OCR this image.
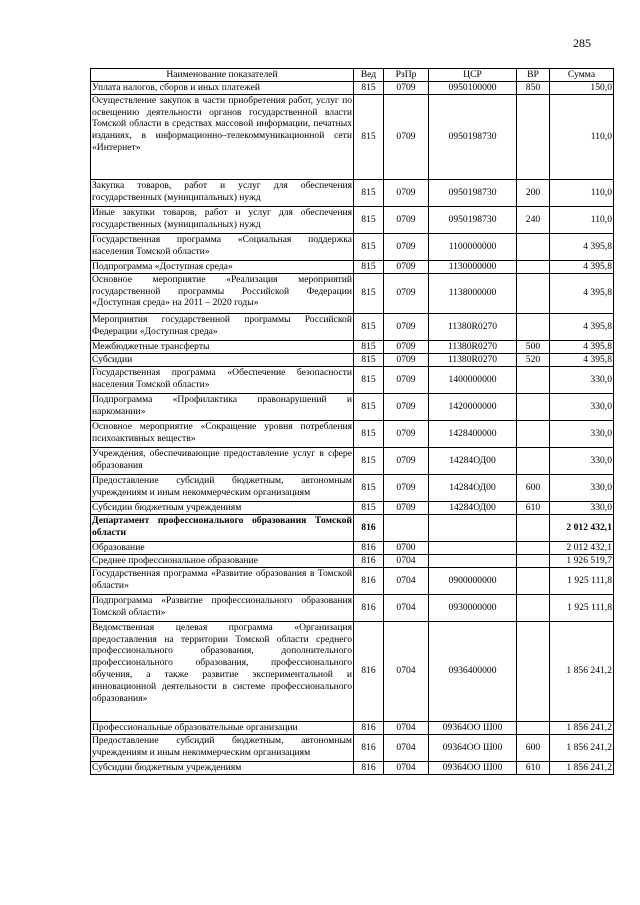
285
Наименование показателей	Вед	РзПр	ЦСР	ВР	Сумма
Уплата налогов, сборов и иных платежей	815	0709	0950100000	850	150,0
Осуществление закупок в части приобретения работ, услуг по освещению деятельности органов государственной власти Томской области в средствах массовой информации, печатных изданиях, в информационно–телекоммуникационной сети «Интернет»	815	0709	0950198730		110,0
Закупка товаров, работ и услуг для обеспечения государственных (муниципальных) нужд	815	0709	0950198730	200	110,0
Иные закупки товаров, работ и услуг для обеспечения государственных (муниципальных) нужд	815	0709	0950198730	240	110,0
Государственная программа «Социальная поддержка населения Томской области»	815	0709	1100000000		4 395,8
Подпрограмма «Доступная среда»	815	0709	1130000000		4 395,8
Основное мероприятие «Реализация мероприятий государственной программы Российской Федерации «Доступная среда» на 2011 – 2020 годы»	815	0709	1138000000		4 395,8
Мероприятия государственной программы Российской Федерации «Доступная среда»	815	0709	11380R0270		4 395,8
Межбюджетные трансферты	815	0709	11380R0270	500	4 395,8
Субсидии	815	0709	11380R0270	520	4 395,8
Государственная программа «Обеспечение безопасности населения Томской области»	815	0709	1400000000		330,0
Подпрограмма «Профилактика правонарушений и наркомании»	815	0709	1420000000		330,0
Основное мероприятие «Сокращение уровня потребления психоактивных веществ»	815	0709	1428400000		330,0
Учреждения, обеспечивающие предоставление услуг в сфере образования	815	0709	14284ОД00		330,0
Предоставление субсидий бюджетным, автономным учреждениям и иным некоммерческим организациям	815	0709	14284ОД00	600	330,0
Субсидии бюджетным учреждениям	815	0709	14284ОД00	610	330,0
Департамент профессионального образования Томской области	816				2 012 432,1
Образование	816	0700			2 012 432,1
Среднее профессиональное образование	816	0704			1 926 519,7
Государственная программа «Развитие образования в Томской области»	816	0704	0900000000		1 925 111,8
Подпрограмма «Развитие профессионального образования Томской области»	816	0704	0930000000		1 925 111,8
Ведомственная целевая программа «Организация предоставления на территории Томской области среднего профессионального образования, дополнительного профессионального образования, профессионального обучения, а также развитие экспериментальной и инновационной деятельности в системе профессионального образования»	816	0704	0936400000		1 856 241,2
Профессиональные образовательные организации	816	0704	09364ОО Ш00		1 856 241,2
Предоставление субсидий бюджетным, автономным учреждениям и иным некоммерческим организациям	816	0704	09364ОО Ш00	600	1 856 241,2
Субсидии бюджетным учреждениям	816	0704	09364ОО Ш00	610	1 856 241,2
